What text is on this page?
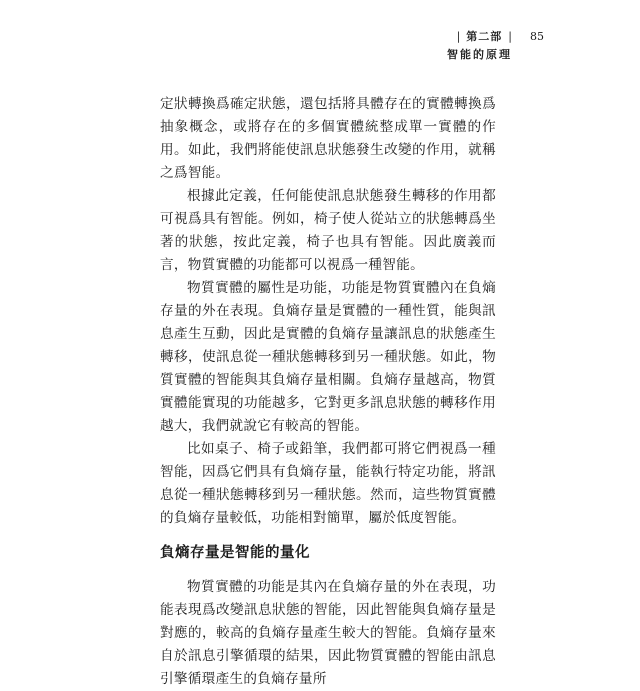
| 第二部 |
智能的原理
85

定狀轉換爲確定狀態，還包括將具體存在的實體轉換爲抽象概念，或將存在的多個實體統整成單一實體的作用。如此，我們將能使訊息狀態發生改變的作用，就稱之爲智能。

根據此定義，任何能使訊息狀態發生轉移的作用都可視爲具有智能。例如，椅子使人從站立的狀態轉爲坐著的狀態，按此定義，椅子也具有智能。因此廣義而言，物質實體的功能都可以視爲一種智能。

物質實體的屬性是功能，功能是物質實體內在負熵存量的外在表現。負熵存量是實體的一種性質，能與訊息產生互動，因此是實體的負熵存量讓訊息的狀態產生轉移，使訊息從一種狀態轉移到另一種狀態。如此，物質實體的智能與其負熵存量相關。負熵存量越高，物質實體能實現的功能越多，它對更多訊息狀態的轉移作用越大，我們就說它有較高的智能。

比如桌子、椅子或鉛筆，我們都可將它們視爲一種智能，因爲它們具有負熵存量，能執行特定功能，將訊息從一種狀態轉移到另一種狀態。然而，這些物質實體的負熵存量較低，功能相對簡單，屬於低度智能。

負熵存量是智能的量化

物質實體的功能是其內在負熵存量的外在表現，功能表現爲改變訊息狀態的智能，因此智能與負熵存量是對應的，較高的負熵存量產生較大的智能。負熵存量來自於訊息引擎循環的結果，因此物質實體的智能由訊息引擎循環產生的負熵存量所
